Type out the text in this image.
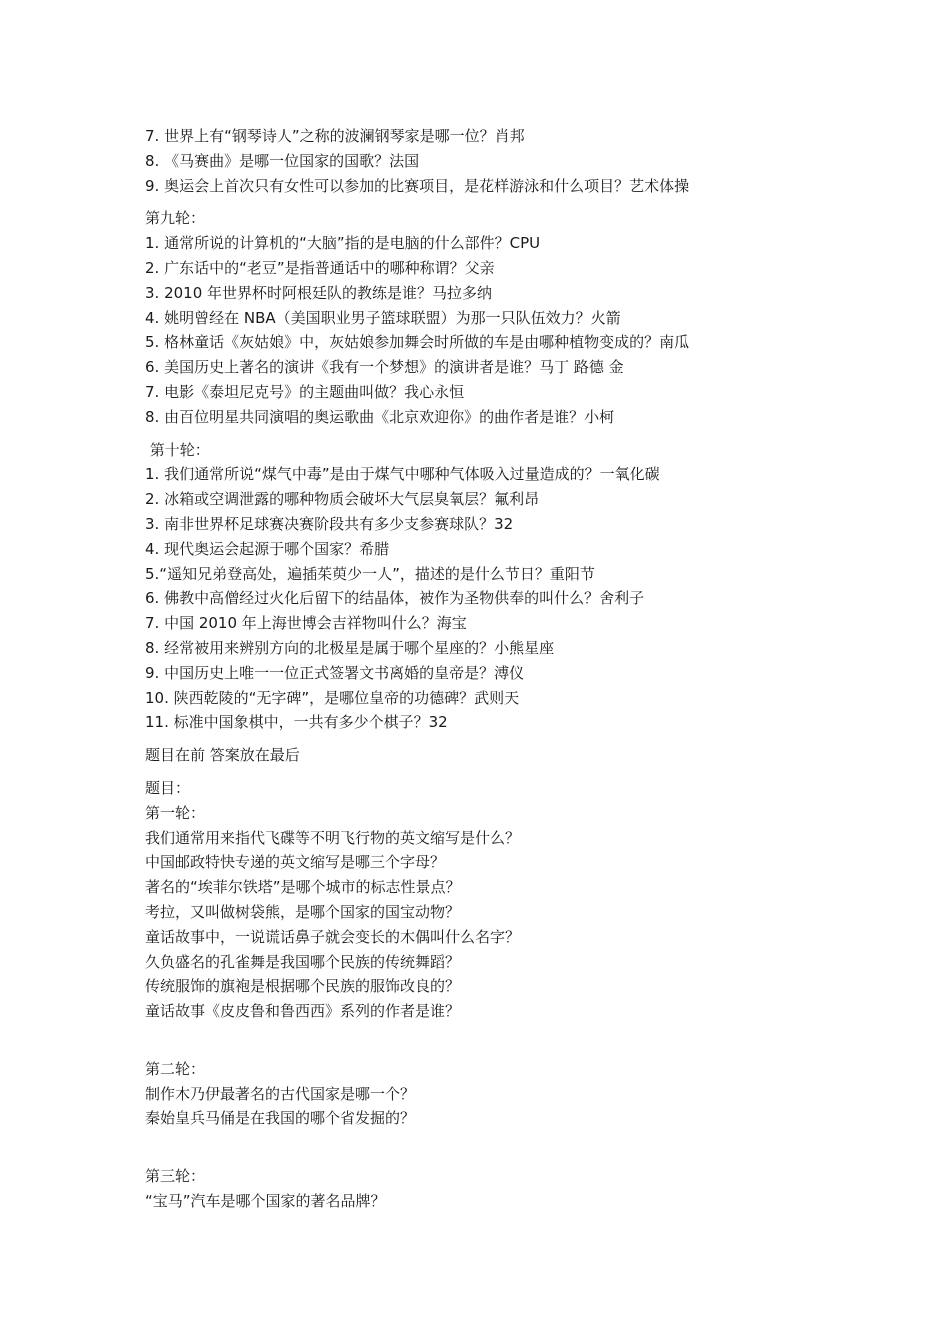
7. 世界上有“钢琴诗人”之称的波澜钢琴家是哪一位？肖邦
8. 《马赛曲》是哪一位国家的国歌？法国
9. 奥运会上首次只有女性可以参加的比赛项目，是花样游泳和什么项目？艺术体操
第九轮：
1. 通常所说的计算机的“大脑”指的是电脑的什么部件？CPU
2. 广东话中的“老豆”是指普通话中的哪种称谓？父亲
3. 2010 年世界杯时阿根廷队的教练是谁？马拉多纳
4. 姚明曾经在 NBA（美国职业男子篮球联盟）为那一只队伍效力？火箭
5. 格林童话《灰姑娘》中，灰姑娘参加舞会时所做的车是由哪种植物变成的？南瓜
6. 美国历史上著名的演讲《我有一个梦想》的演讲者是谁？马丁 路德 金
7. 电影《泰坦尼克号》的主题曲叫做？我心永恒
8. 由百位明星共同演唱的奥运歌曲《北京欢迎你》的曲作者是谁？小柯
第十轮：
1. 我们通常所说“煤气中毒”是由于煤气中哪种气体吸入过量造成的？一氧化碳
2. 冰箱或空调泄露的哪种物质会破坏大气层臭氧层？氟利昂
3. 南非世界杯足球赛决赛阶段共有多少支参赛球队？32
4. 现代奥运会起源于哪个国家？希腊
5.“遥知兄弟登高处，遍插茱萸少一人”，描述的是什么节日？重阳节
6. 佛教中高僧经过火化后留下的结晶体，被作为圣物供奉的叫什么？舍利子
7. 中国 2010 年上海世博会吉祥物叫什么？海宝
8. 经常被用来辨别方向的北极星是属于哪个星座的？小熊星座
9. 中国历史上唯一一位正式签署文书离婚的皇帝是？溥仪
10. 陕西乾陵的“无字碑”，是哪位皇帝的功德碑？武则天
11. 标准中国象棋中，一共有多少个棋子？32
题目在前 答案放在最后
题目：
第一轮：
我们通常用来指代飞碟等不明飞行物的英文缩写是什么？
中国邮政特快专递的英文缩写是哪三个字母？
著名的“埃菲尔铁塔”是哪个城市的标志性景点？
考拉，又叫做树袋熊，是哪个国家的国宝动物？
童话故事中，一说谎话鼻子就会变长的木偶叫什么名字？
久负盛名的孔雀舞是我国哪个民族的传统舞蹈？
传统服饰的旗袍是根据哪个民族的服饰改良的？
童话故事《皮皮鲁和鲁西西》系列的作者是谁？
第二轮：
制作木乃伊最著名的古代国家是哪一个？
秦始皇兵马俑是在我国的哪个省发掘的？
第三轮：
“宝马”汽车是哪个国家的著名品牌？
